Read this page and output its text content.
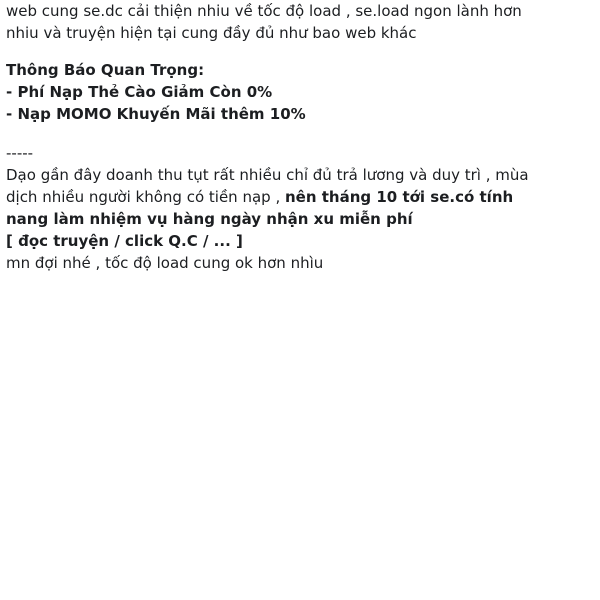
web cung se.dc cải thiện nhiu về tốc độ load , se.load ngon lành hơn
nhiu và truyện hiện tại cung đầy đủ như bao web khác
Thông Báo Quan Trọng:
- Phí Nạp Thẻ Cào Giảm Còn 0%
- Nạp MOMO Khuyến Mãi thêm 10%
-----
Dạo gần đây doanh thu tụt rất nhiều chỉ đủ trả lương và duy trì , mùa
dịch nhiều người không có tiền nạp , nên tháng 10 tới se.có tính
nang làm nhiệm vụ hàng ngày nhận xu miễn phí
[ đọc truyện / click Q.C / ... ]
mn đợi nhé , tốc độ load cung ok hơn nhìu
